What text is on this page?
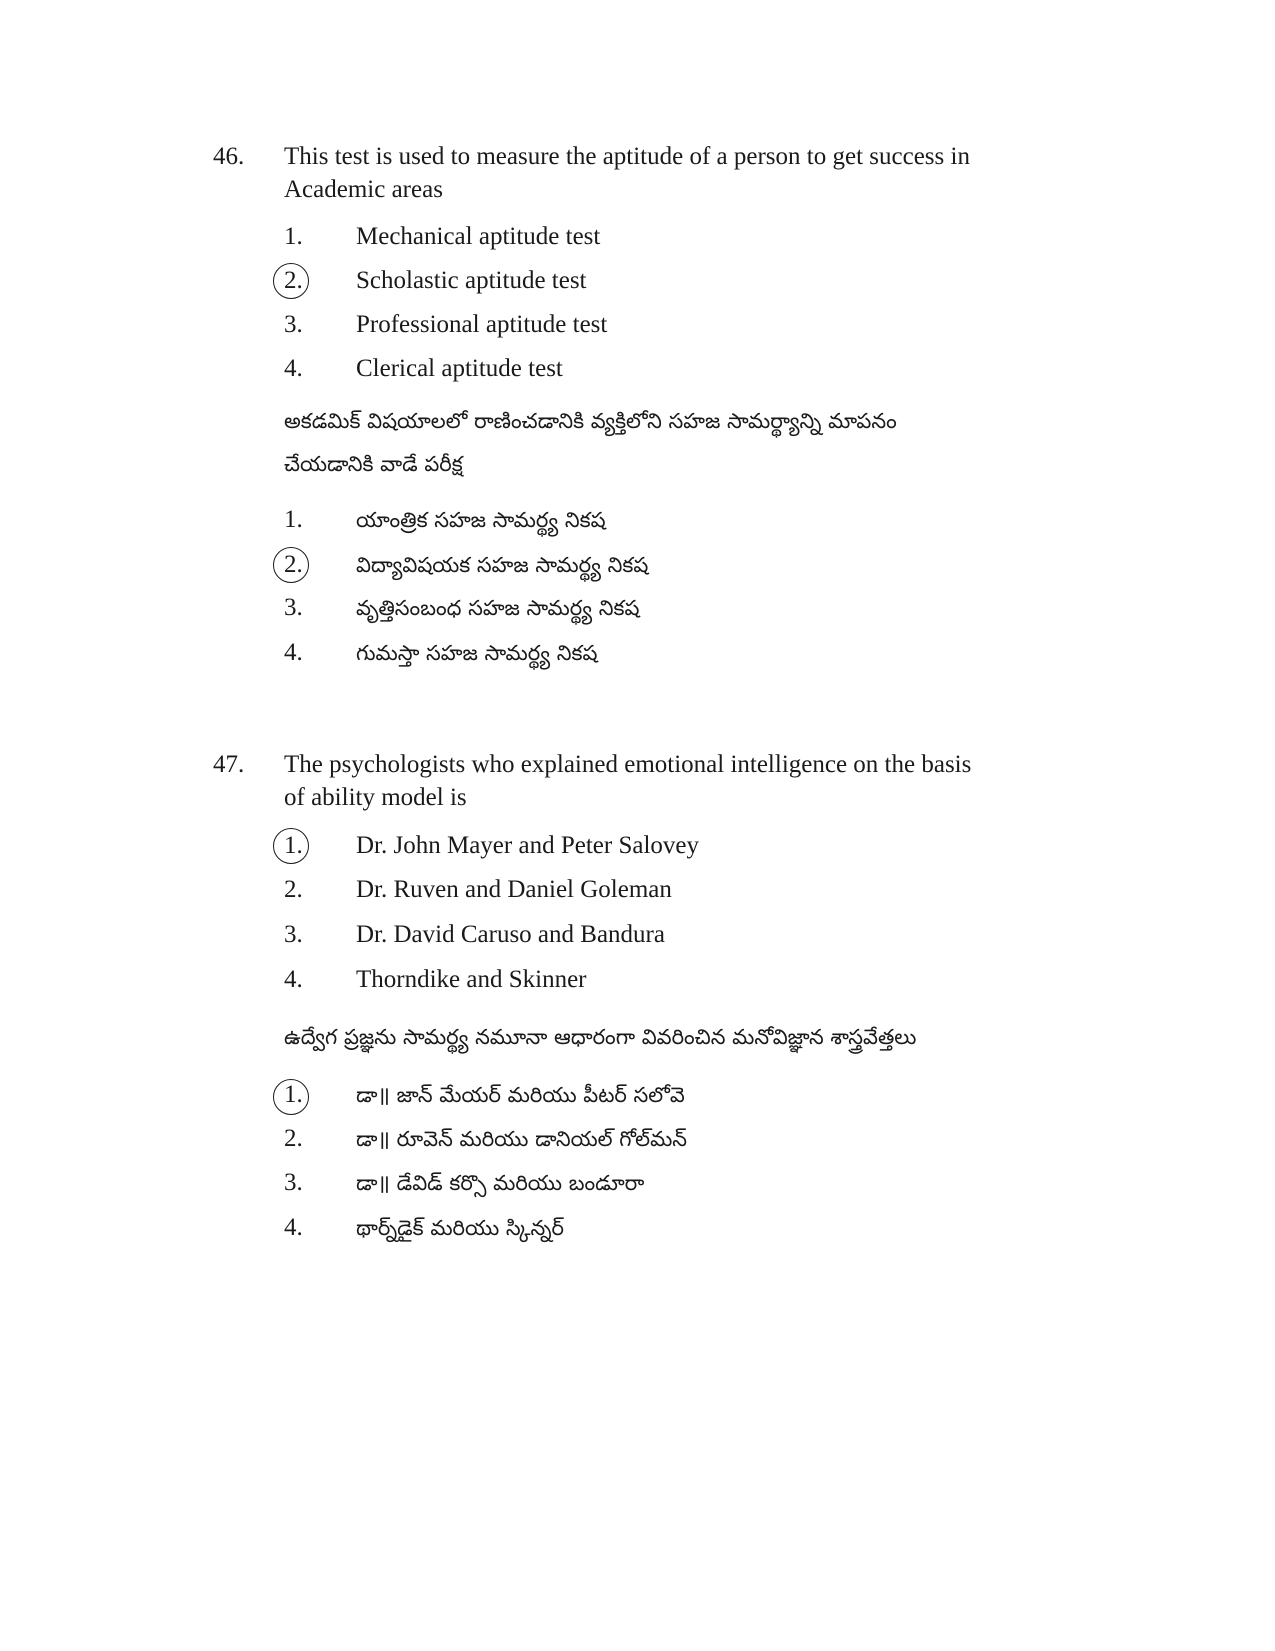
46. This test is used to measure the aptitude of a person to get success in
Academic areas
1. Mechanical aptitude test
2. Scholastic aptitude test
3. Professional aptitude test
4. Clerical aptitude test
అకడమిక్ విషయాలలో రాణించడానికి వ్యక్తిలోని సహజ సామర్థ్యాన్ని మాపనం
చేయడానికి వాడే పరీక్ష
1.	యాంత్రిక సహజ సామర్థ్య నికష
2.	విద్యావిషయక సహజ సామర్థ్య నికష
3.	వృత్తిసంబంధ సహజ సామర్థ్య నికష
4.	గుమస్తా సహజ సామర్థ్య నికష
47. The psychologists who explained emotional intelligence on the basis
of ability model is
1. Dr. John Mayer and Peter Salovey
2. Dr. Ruven and Daniel Goleman
3. Dr. David Caruso and Bandura
4. Thorndike and Skinner
ఉద్వేగ ప్రజ్ఞను సామర్థ్య నమూనా ఆధారంగా వివరించిన మనోవిజ్ఞాన శాస్త్రవేత్తలు
1.	డా॥ జాన్ మేయర్ మరియు పీటర్ సలోవె
2.	డా॥ రూవెన్ మరియు డానియల్ గోల్‌మన్
3.	డా॥ డేవిడ్ కర్సొ మరియు బండూరా
4.	థార్న్‌డైక్ మరియు స్కిన్నర్
